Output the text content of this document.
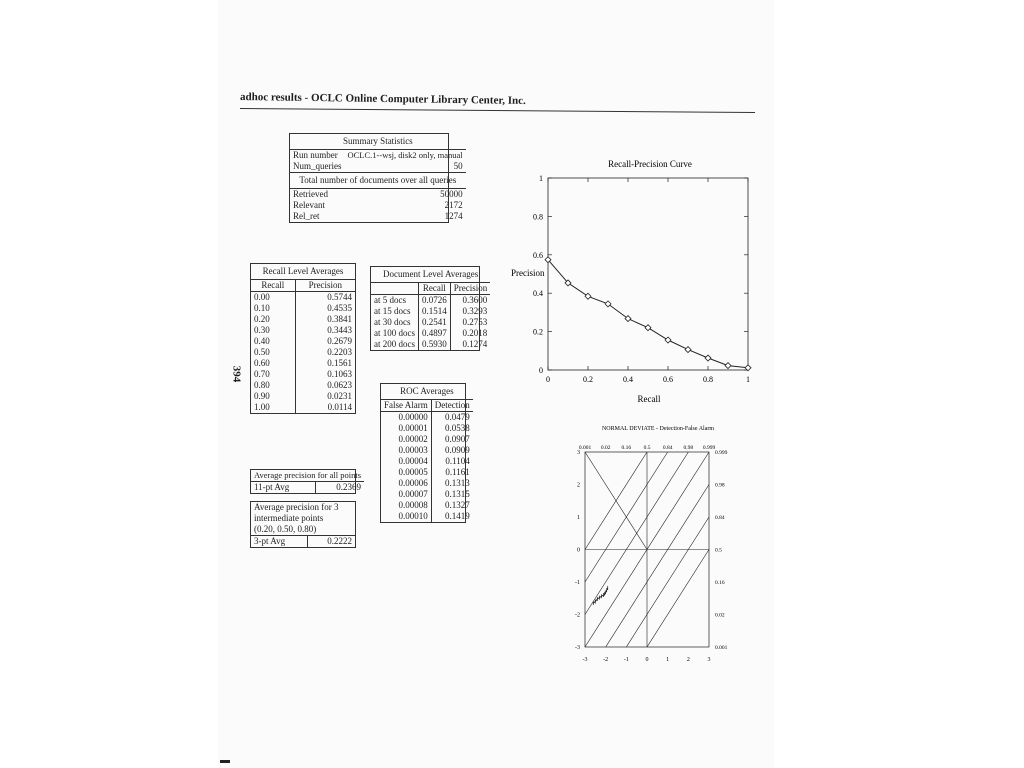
adhoc results - OCLC Online Computer Library Center, Inc.
394
Summary Statistics	
Run number	OCLC.1--wsj, disk2 only, manual
Num_queries	50
Total number of documents over all queries	
Retrieved	50000
Relevant	2172
Rel_ret	1274
Recall Level Averages	
Recall	Precision
0.00	0.5744
0.10	0.4535
0.20	0.3841
0.30	0.3443
0.40	0.2679
0.50	0.2203
0.60	0.1561
0.70	0.1063
0.80	0.0623
0.90	0.0231
1.00	0.0114
Average precision for all points
11-pt Avg	0.2369
Average precision for 3
intermediate points
(0.20, 0.50, 0.80)
3-pt Avg	0.2222
Document Level Averages		
	Recall	Precision
at 5 docs	0.0726	0.3600
at 15 docs	0.1514	0.3293
at 30 docs	0.2541	0.2753
at 100 docs	0.4897	0.2018
at 200 docs	0.5930	0.1274
ROC Averages	
False Alarm	Detection
0.00000	0.0479
0.00001	0.0538
0.00002	0.0907
0.00003	0.0909
0.00004	0.1104
0.00005	0.1161
0.00006	0.1313
0.00007	0.1315
0.00008	0.1327
0.00010	0.1419
Recall-Precision Curve
Precision
Recall
0	0.2	0.4	0.6	0.8	1
0
0.2
0.4
0.6
0.8
1
NORMAL DEVIATE - Detection-False Alarm
-3	-2	-1	0	1	2	3
0.001 0.02 0.16 0.5 0.84 0.98 0.999
-3
-2
-1
0
1
2
3	0.999
0.98
0.84
0.5
0.16
0.02
0.001
